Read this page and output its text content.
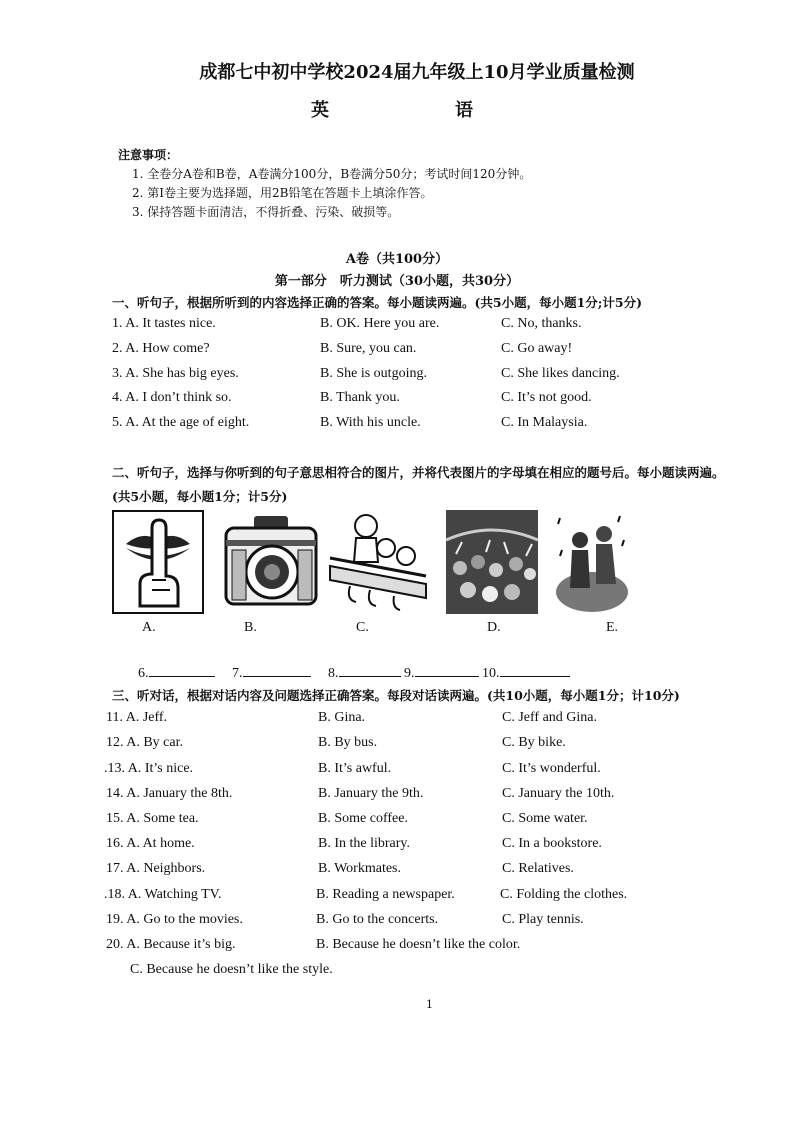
成都七中初中学校2024届九年级上10月学业质量检测
英　　语
注意事项：
1. 全卷分A卷和B卷，A卷满分100分，B卷满分50分；考试时间120分钟。
2. 第Ⅰ卷主要为选择题，用2B铅笔在答题卡上填涂作答。
3. 保持答题卡面清洁，不得折叠、污染、破损等。
A卷（共100分）
第一部分　听力测试（30小题，共30分）
一、听句子，根据所听到的内容选择正确的答案。每小题读两遍。(共5小题，每小题1分;计5分)
1. A. It tastes nice.	B. OK. Here you are.	C. No, thanks.
2. A. How come?	B. Sure, you can.	C. Go away!
3. A. She has big eyes.	B. She is outgoing.	C. She likes dancing.
4. A. I don’t think so.	B. Thank you.	C. It’s not good.
5. A. At the age of eight.	B. With his uncle.	C. In Malaysia.
二、听句子，选择与你听到的句子意思相符合的图片，并将代表图片的字母填在相应的题号后。每小题读两遍。
(共5小题，每小题1分；计5分)
A.	B.	C.	D.	E.
6.	7.	8.	9.	10.
三、听对话，根据对话内容及问题选择正确答案。每段对话读两遍。(共10小题，每小题1分；计10分)
11. A. Jeff.	B. Gina.	C. Jeff and Gina.
12. A. By car.	B. By bus.	C. By bike.
.13. A. It’s nice.	B. It’s awful.	C. It’s wonderful.
14. A. January the 8th.	B. January the 9th.	C. January the 10th.
15. A. Some tea.	B. Some coffee.	C. Some water.
16. A. At home.	B. In the library.	C. In a bookstore.
17. A. Neighbors.	B. Workmates.	C. Relatives.
.18. A. Watching TV.	B. Reading a newspaper.	C. Folding the clothes.
19. A. Go to the movies.	B. Go to the concerts.	C. Play tennis.
20. A. Because it’s big.	B. Because he doesn’t like the color.
C. Because he doesn’t like the style.
1
